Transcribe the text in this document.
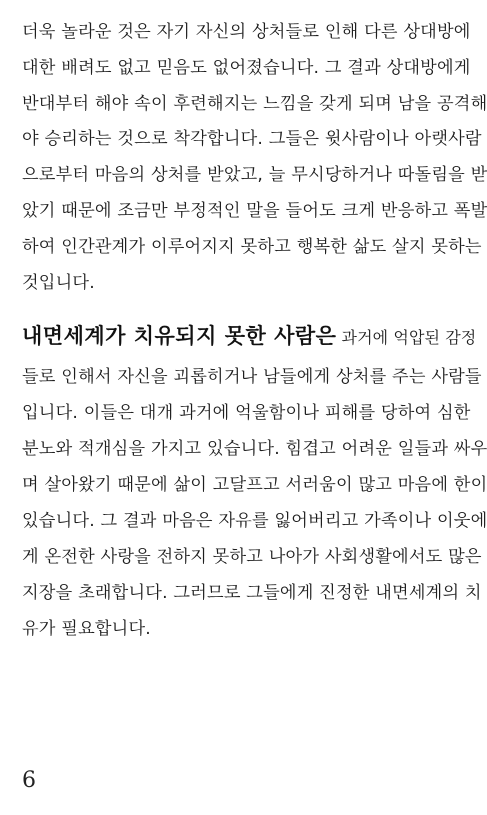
더욱 놀라운 것은 자기 자신의 상처들로 인해 다른 상대방에
대한 배려도 없고 믿음도 없어졌습니다. 그 결과 상대방에게
반대부터 해야 속이 후련해지는 느낌을 갖게 되며 남을 공격해
야 승리하는 것으로 착각합니다. 그들은 윗사람이나 아랫사람
으로부터 마음의 상처를 받았고, 늘 무시당하거나 따돌림을 받
았기 때문에 조금만 부정적인 말을 들어도 크게 반응하고 폭발
하여 인간관계가 이루어지지 못하고 행복한 삶도 살지 못하는
것입니다.
내면세계가 치유되지 못한 사람은 과거에 억압된 감정
들로 인해서 자신을 괴롭히거나 남들에게 상처를 주는 사람들
입니다. 이들은 대개 과거에 억울함이나 피해를 당하여 심한
분노와 적개심을 가지고 있습니다. 힘겹고 어려운 일들과 싸우
며 살아왔기 때문에 삶이 고달프고 서러움이 많고 마음에 한이
있습니다. 그 결과 마음은 자유를 잃어버리고 가족이나 이웃에
게 온전한 사랑을 전하지 못하고 나아가 사회생활에서도 많은
지장을 초래합니다. 그러므로 그들에게 진정한 내면세계의 치
유가 필요합니다.
6
